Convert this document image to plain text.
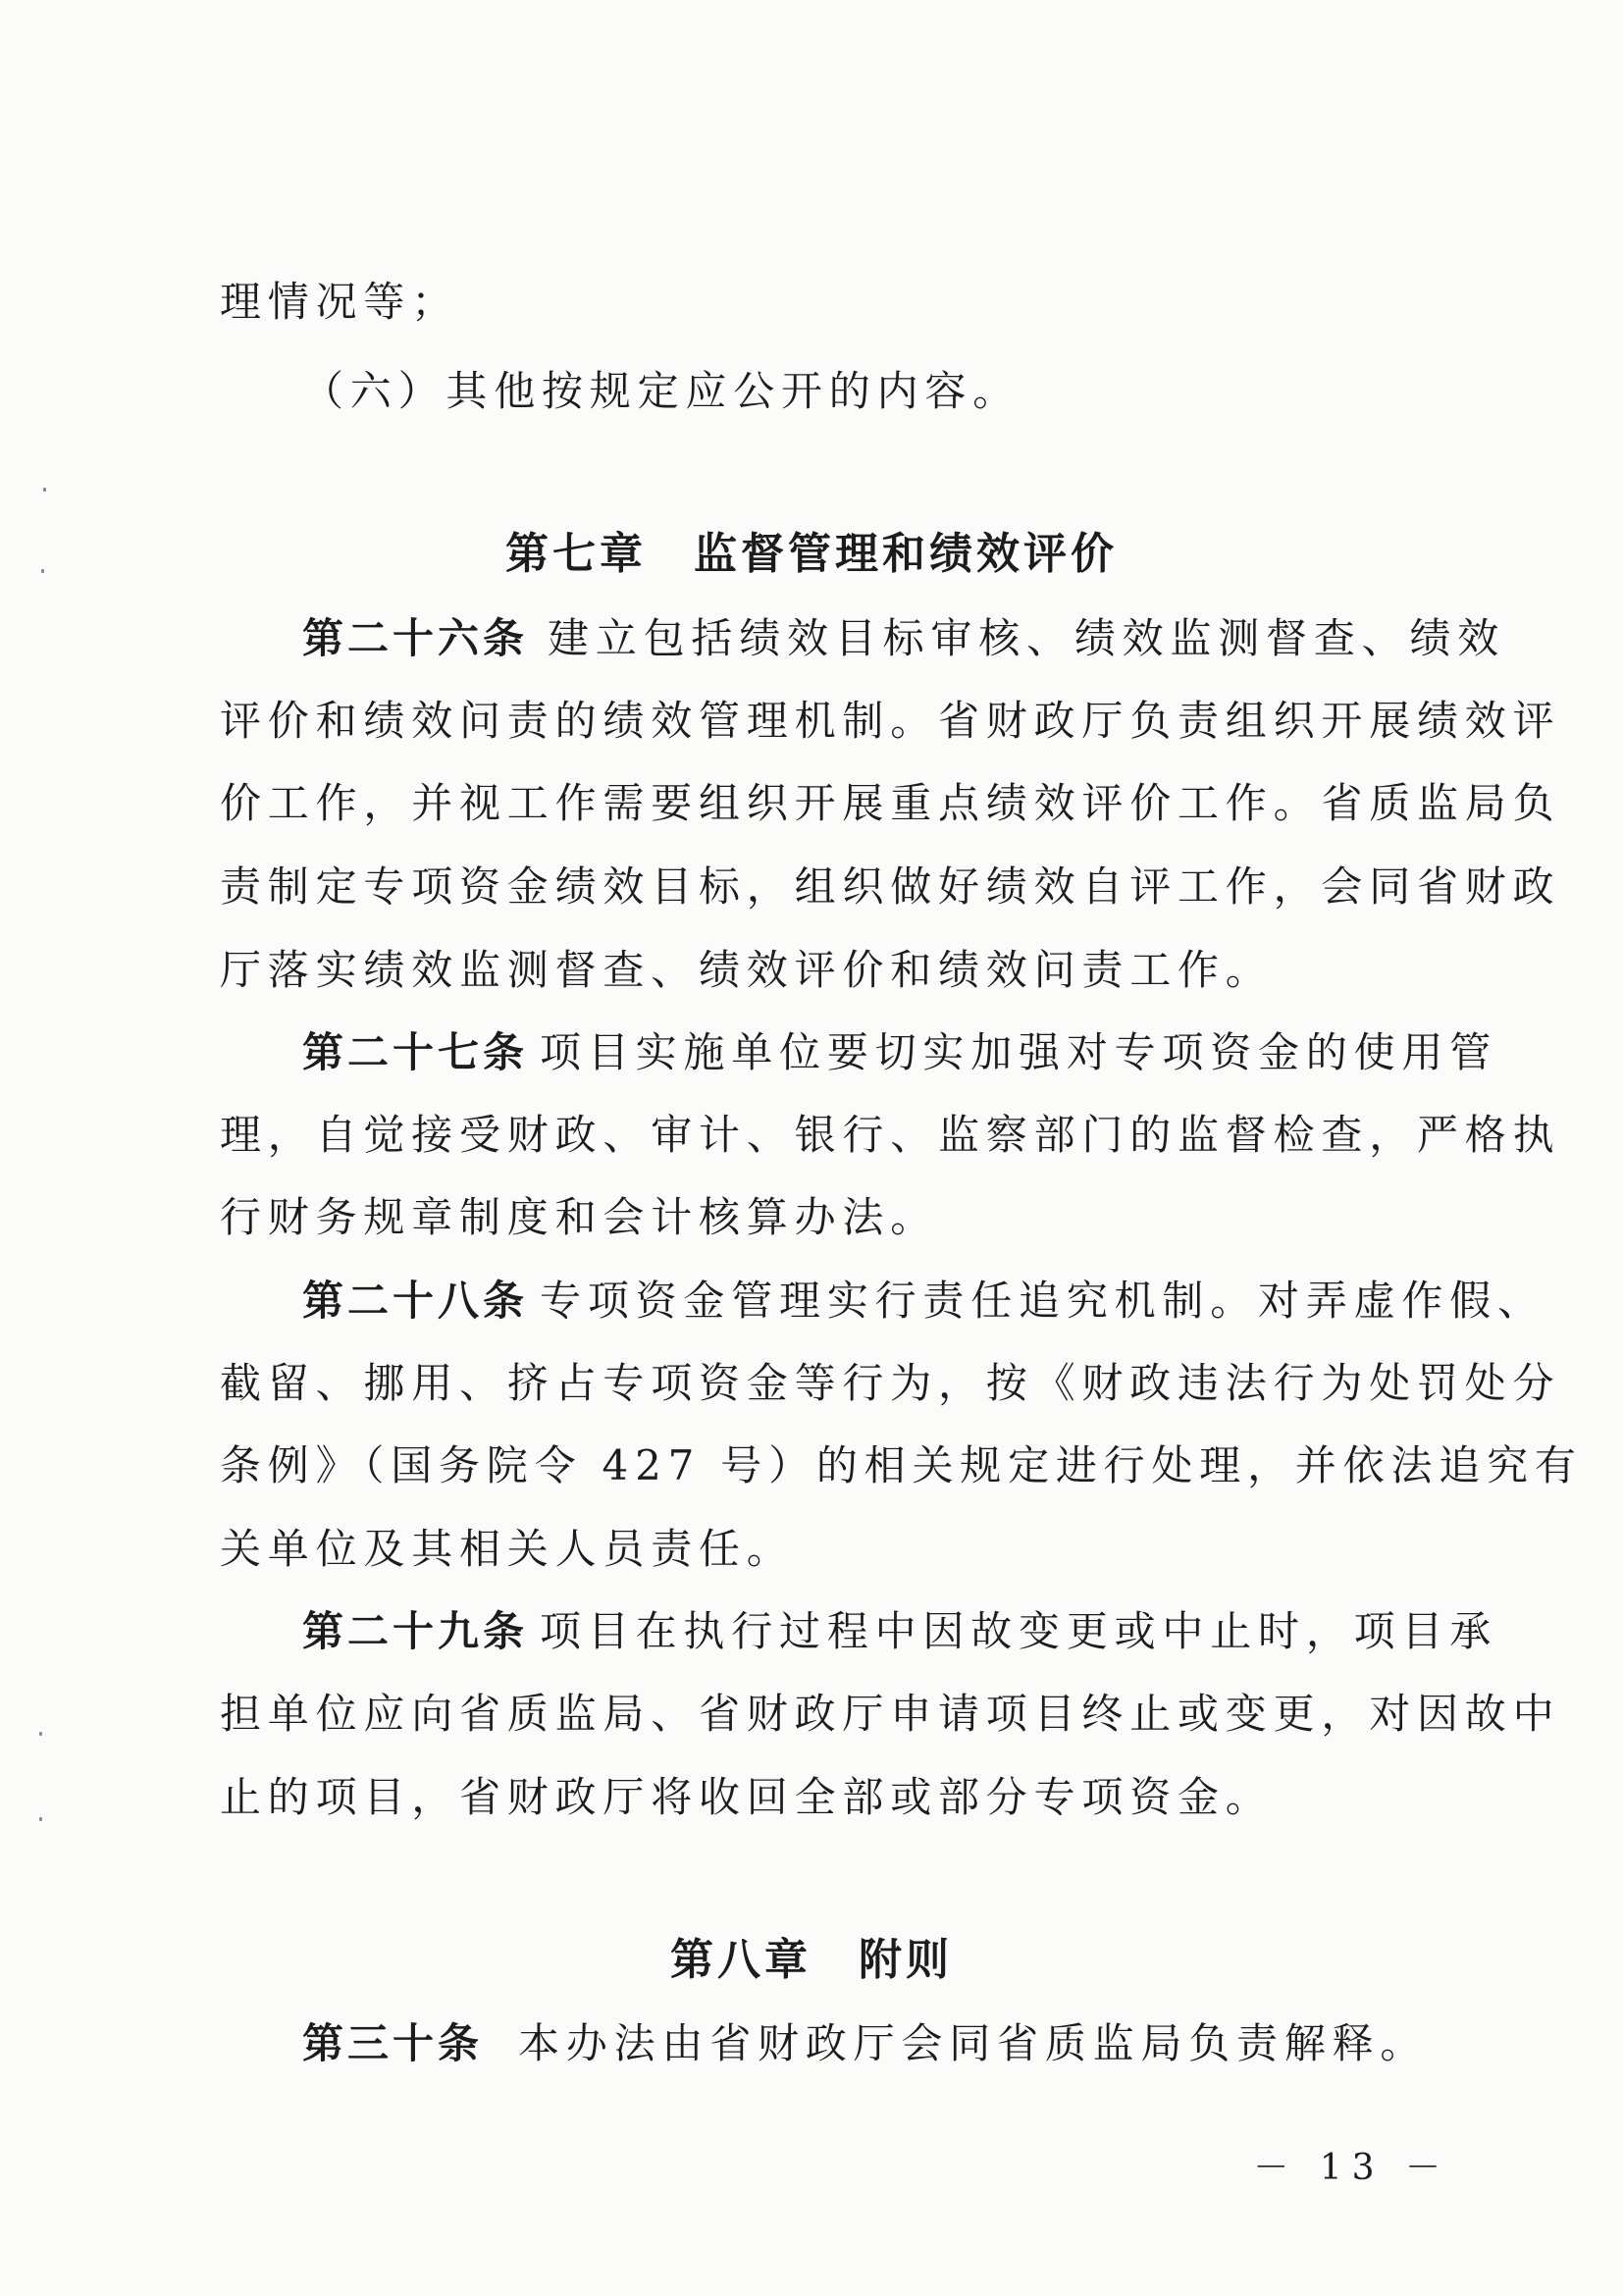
理情况等；
（六）其他按规定应公开的内容。
第七章　监督管理和绩效评价
第二十六条 建立包括绩效目标审核、绩效监测督查、绩效
评价和绩效问责的绩效管理机制。省财政厅负责组织开展绩效评
价工作，并视工作需要组织开展重点绩效评价工作。省质监局负
责制定专项资金绩效目标，组织做好绩效自评工作，会同省财政
厅落实绩效监测督查、绩效评价和绩效问责工作。
第二十七条 项目实施单位要切实加强对专项资金的使用管
理，自觉接受财政、审计、银行、监察部门的监督检查，严格执
行财务规章制度和会计核算办法。
第二十八条 专项资金管理实行责任追究机制。对弄虚作假、
截留、挪用、挤占专项资金等行为，按《财政违法行为处罚处分
条例》（国务院令 427 号）的相关规定进行处理，并依法追究有
关单位及其相关人员责任。
第二十九条 项目在执行过程中因故变更或中止时，项目承
担单位应向省质监局、省财政厅申请项目终止或变更，对因故中
止的项目，省财政厅将收回全部或部分专项资金。
第八章　附则
第三十条 本办法由省财政厅会同省质监局负责解释。
－ 13 －
